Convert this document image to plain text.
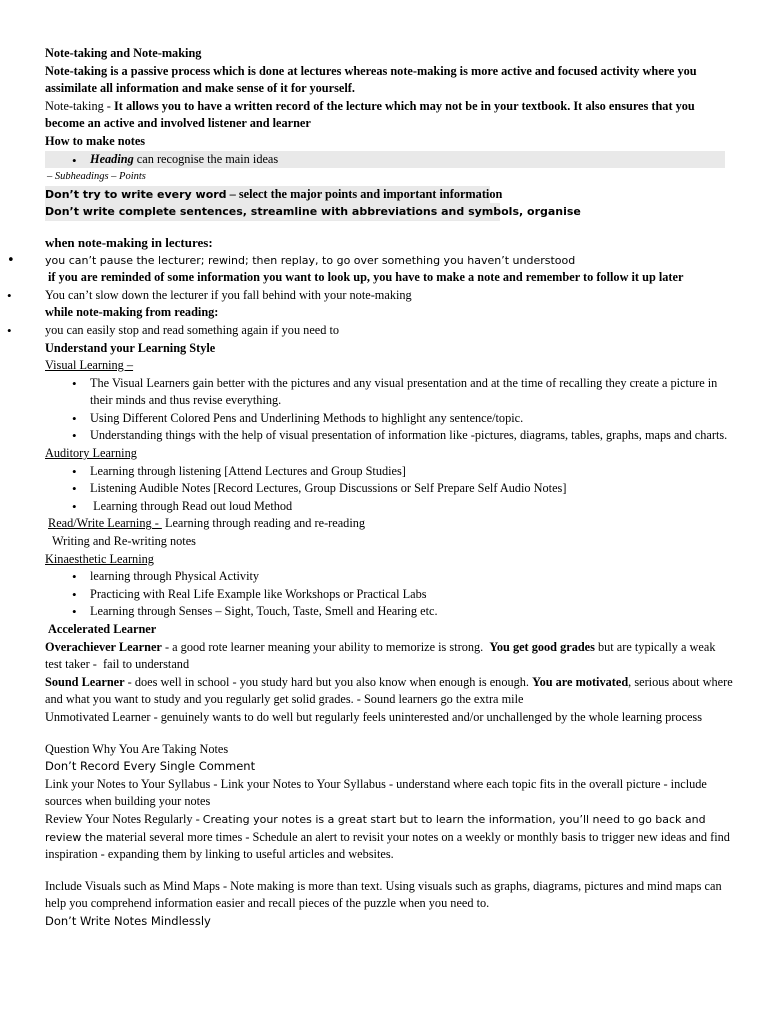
Note-taking and Note-making
Note-taking is a passive process which is done at lectures whereas note-making is more active and focused activity where you assimilate all information and make sense of it for yourself.
Note-taking - It allows you to have a written record of the lecture which may not be in your textbook. It also ensures that you become an active and involved listener and learner
How to make notes
• Heading can recognise the main ideas
– Subheadings – Points
Don’t try to write every word – select the major points and important information
Don’t write complete sentences, streamline with abbreviations and symbols, organise
when note-making in lectures:
• you can’t pause the lecturer; rewind; then replay, to go over something you haven’t understood
if you are reminded of some information you want to look up, you have to make a note and remember to follow it up later
• You can’t slow down the lecturer if you fall behind with your note-making
while note-making from reading:
• you can easily stop and read something again if you need to
Understand your Learning Style
Visual Learning –
• The Visual Learners gain better with the pictures and any visual presentation and at the time of recalling they create a picture in their minds and thus revise everything.
• Using Different Colored Pens and Underlining Methods to highlight any sentence/topic.
• Understanding things with the help of visual presentation of information like -pictures, diagrams, tables, graphs, maps and charts.
Auditory Learning
• Learning through listening [Attend Lectures and Group Studies]
• Listening Audible Notes [Record Lectures, Group Discussions or Self Prepare Self Audio Notes]
•  Learning through Read out loud Method
Read/Write Learning -  Learning through reading and re-reading
Writing and Re-writing notes
Kinaesthetic Learning
• learning through Physical Activity
• Practicing with Real Life Example like Workshops or Practical Labs
• Learning through Senses – Sight, Touch, Taste, Smell and Hearing etc.
Accelerated Learner
Overachiever Learner - a good rote learner meaning your ability to memorize is strong.  You get good grades but are typically a weak test taker -  fail to understand
Sound Learner - does well in school - you study hard but you also know when enough is enough. You are motivated, serious about where and what you want to study and you regularly get solid grades. - Sound learners go the extra mile
Unmotivated Learner - genuinely wants to do well but regularly feels uninterested and/or unchallenged by the whole learning process
Question Why You Are Taking Notes
Don’t Record Every Single Comment
Link your Notes to Your Syllabus - Link your Notes to Your Syllabus - understand where each topic fits in the overall picture - include sources when building your notes
Review Your Notes Regularly - Creating your notes is a great start but to learn the information, you’ll need to go back and review the material several more times - Schedule an alert to revisit your notes on a weekly or monthly basis to trigger new ideas and find inspiration - expanding them by linking to useful articles and websites.
Include Visuals such as Mind Maps - Note making is more than text. Using visuals such as graphs, diagrams, pictures and mind maps can help you comprehend information easier and recall pieces of the puzzle when you need to.
Don’t Write Notes Mindlessly
